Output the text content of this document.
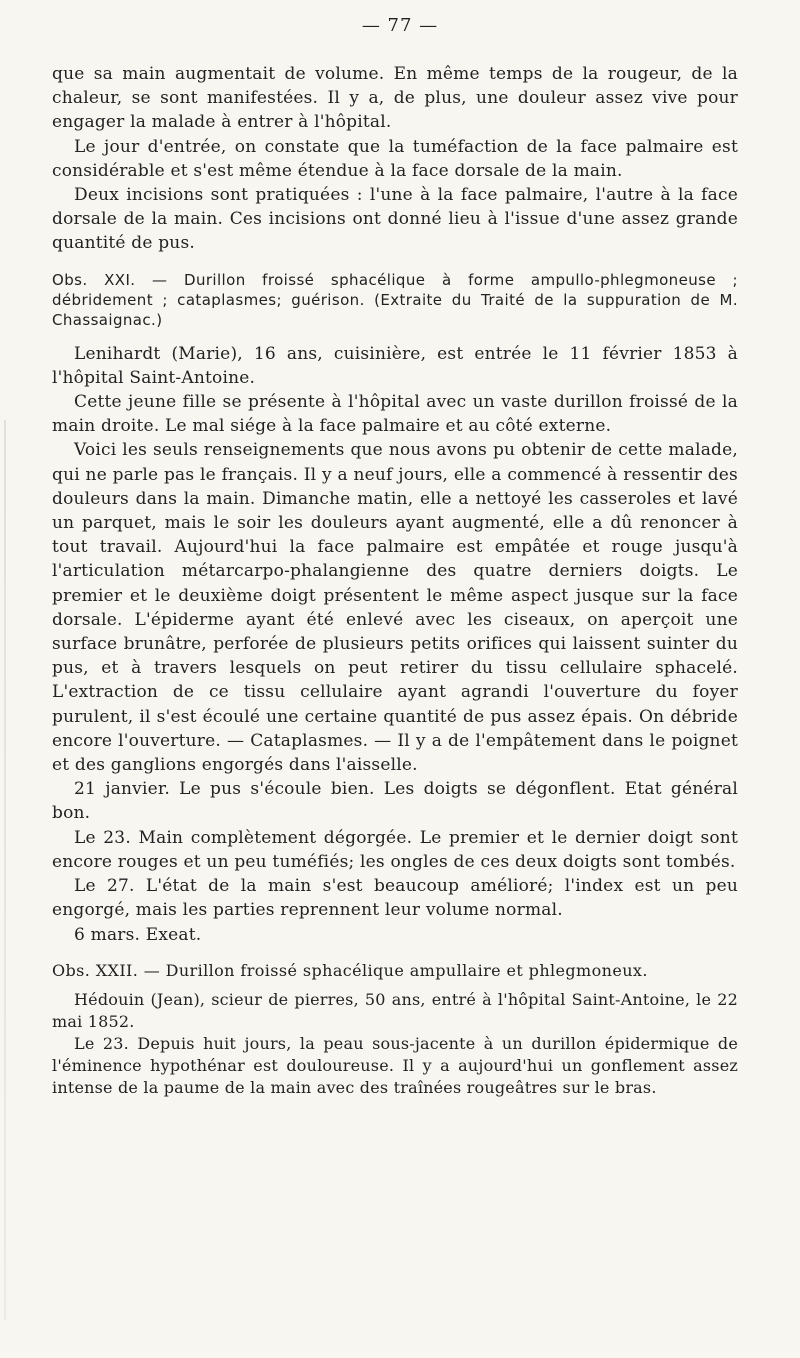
— 77 —

que sa main augmentait de volume. En même temps de la rougeur, de la chaleur, se sont manifestées. Il y a, de plus, une douleur assez vive pour engager la malade à entrer à l'hôpital.

Le jour d'entrée, on constate que la tuméfaction de la face palmaire est considérable et s'est même étendue à la face dorsale de la main.

Deux incisions sont pratiquées : l'une à la face palmaire, l'autre à la face dorsale de la main. Ces incisions ont donné lieu à l'issue d'une assez grande quantité de pus.

Obs. XXI. — Durillon froissé sphacélique à forme ampullo-phlegmoneuse ; débridement ; cataplasmes; guérison. (Extraite du Traité de la suppuration de M. Chassaignac.)

Lenihardt (Marie), 16 ans, cuisinière, est entrée le 11 février 1853 à l'hôpital Saint-Antoine.

Cette jeune fille se présente à l'hôpital avec un vaste durillon froissé de la main droite. Le mal siége à la face palmaire et au côté externe.

Voici les seuls renseignements que nous avons pu obtenir de cette malade, qui ne parle pas le français. Il y a neuf jours, elle a commencé à ressentir des douleurs dans la main. Dimanche matin, elle a nettoyé les casseroles et lavé un parquet, mais le soir les douleurs ayant augmenté, elle a dû renoncer à tout travail. Aujourd'hui la face palmaire est empâtée et rouge jusqu'à l'articulation métarcarpo-phalangienne des quatre derniers doigts. Le premier et le deuxième doigt présentent le même aspect jusque sur la face dorsale. L'épiderme ayant été enlevé avec les ciseaux, on aperçoit une surface brunâtre, perforée de plusieurs petits orifices qui laissent suinter du pus, et à travers lesquels on peut retirer du tissu cellulaire sphacelé. L'extraction de ce tissu cellulaire ayant agrandi l'ouverture du foyer purulent, il s'est écoulé une certaine quantité de pus assez épais. On débride encore l'ouverture. — Cataplasmes. — Il y a de l'empâtement dans le poignet et des ganglions engorgés dans l'aisselle.

21 janvier. Le pus s'écoule bien. Les doigts se dégonflent. Etat général bon.

Le 23. Main complètement dégorgée. Le premier et le dernier doigt sont encore rouges et un peu tuméfiés; les ongles de ces deux doigts sont tombés.

Le 27. L'état de la main s'est beaucoup amélioré; l'index est un peu engorgé, mais les parties reprennent leur volume normal.

6 mars. Exeat.

Obs. XXII. — Durillon froissé sphacélique ampullaire et phlegmoneux.

Hédouin (Jean), scieur de pierres, 50 ans, entré à l'hôpital Saint-Antoine, le 22 mai 1852.

Le 23. Depuis huit jours, la peau sous-jacente à un durillon épidermique de l'éminence hypothénar est douloureuse. Il y a aujourd'hui un gonflement assez intense de la paume de la main avec des traînées rougeâtres sur le bras.
